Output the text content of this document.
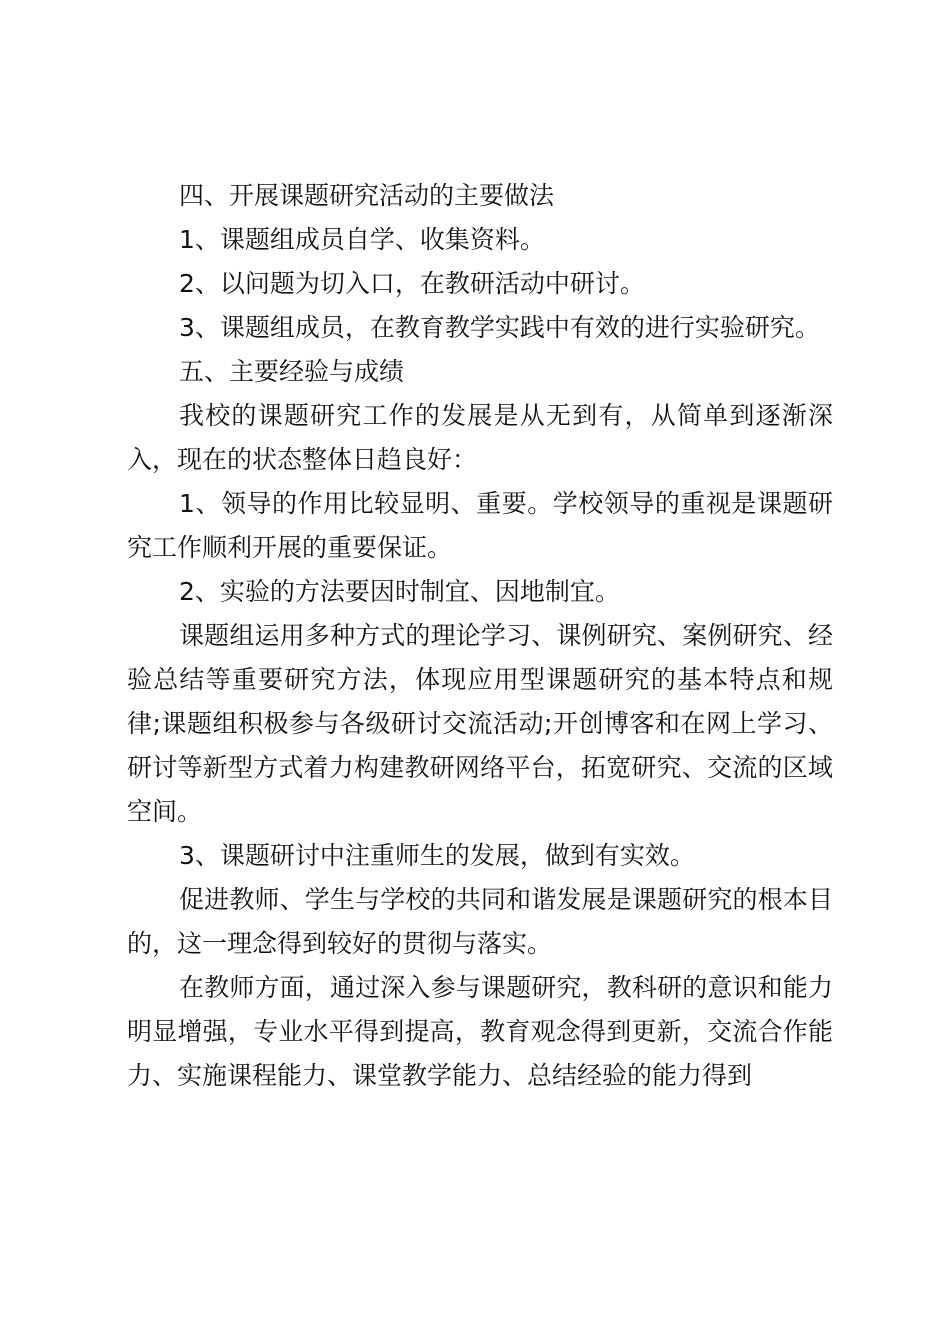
四、开展课题研究活动的主要做法

1、课题组成员自学、收集资料。

2、以问题为切入口，在教研活动中研讨。

3、课题组成员，在教育教学实践中有效的进行实验研究。

五、主要经验与成绩

我校的课题研究工作的发展是从无到有，从简单到逐渐深入，现在的状态整体日趋良好：

1、领导的作用比较显明、重要。学校领导的重视是课题研究工作顺利开展的重要保证。

2、实验的方法要因时制宜、因地制宜。

课题组运用多种方式的理论学习、课例研究、案例研究、经验总结等重要研究方法，体现应用型课题研究的基本特点和规律;课题组积极参与各级研讨交流活动;开创博客和在网上学习、研讨等新型方式着力构建教研网络平台，拓宽研究、交流的区域空间。

3、课题研讨中注重师生的发展，做到有实效。

促进教师、学生与学校的共同和谐发展是课题研究的根本目的，这一理念得到较好的贯彻与落实。

在教师方面，通过深入参与课题研究，教科研的意识和能力明显增强，专业水平得到提高，教育观念得到更新，交流合作能力、实施课程能力、课堂教学能力、总结经验的能力得到
